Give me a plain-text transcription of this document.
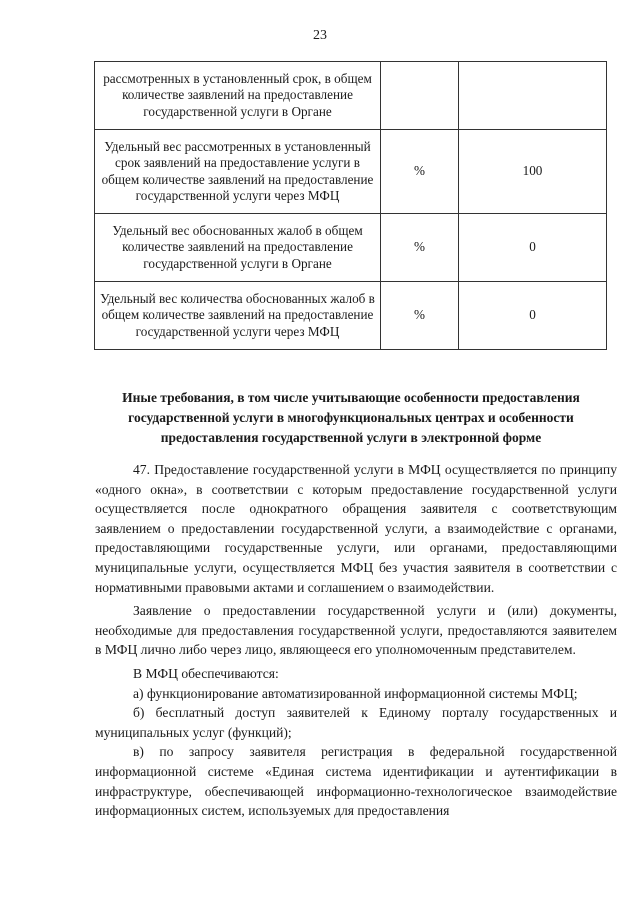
23
рассмотренных в установленный срок, в общем количестве заявлений на предоставление государственной услуги в Органе		
Удельный вес рассмотренных в установленный срок заявлений на предоставление услуги в общем количестве заявлений на предоставление государственной услуги через МФЦ	%	100
Удельный вес обоснованных жалоб в общем количестве заявлений на предоставление государственной услуги в Органе	%	0
Удельный вес количества обоснованных жалоб в общем количестве заявлений на предоставление государственной услуги через МФЦ	%	0
Иные требования, в том числе учитывающие особенности предоставления государственной услуги в многофункциональных центрах и особенности предоставления государственной услуги в электронной форме

47. Предоставление государственной услуги в МФЦ осуществляется по принципу «одного окна», в соответствии с которым предоставление государственной услуги осуществляется после однократного обращения заявителя с соответствующим заявлением о предоставлении государственной услуги, а взаимодействие с органами, предоставляющими государственные услуги, или органами, предоставляющими муниципальные услуги, осуществляется МФЦ без участия заявителя в соответствии с нормативными правовыми актами и соглашением о взаимодействии.

Заявление о предоставлении государственной услуги и (или) документы, необходимые для предоставления государственной услуги, предоставляются заявителем в МФЦ лично либо через лицо, являющееся его уполномоченным представителем.

В МФЦ обеспечиваются:

а) функционирование автоматизированной информационной системы МФЦ;

б) бесплатный доступ заявителей к Единому порталу государственных и муниципальных услуг (функций);

в) по запросу заявителя регистрация в федеральной государственной информационной системе «Единая система идентификации и аутентификации в инфраструктуре, обеспечивающей информационно-технологическое взаимодействие информационных систем, используемых для предоставления
